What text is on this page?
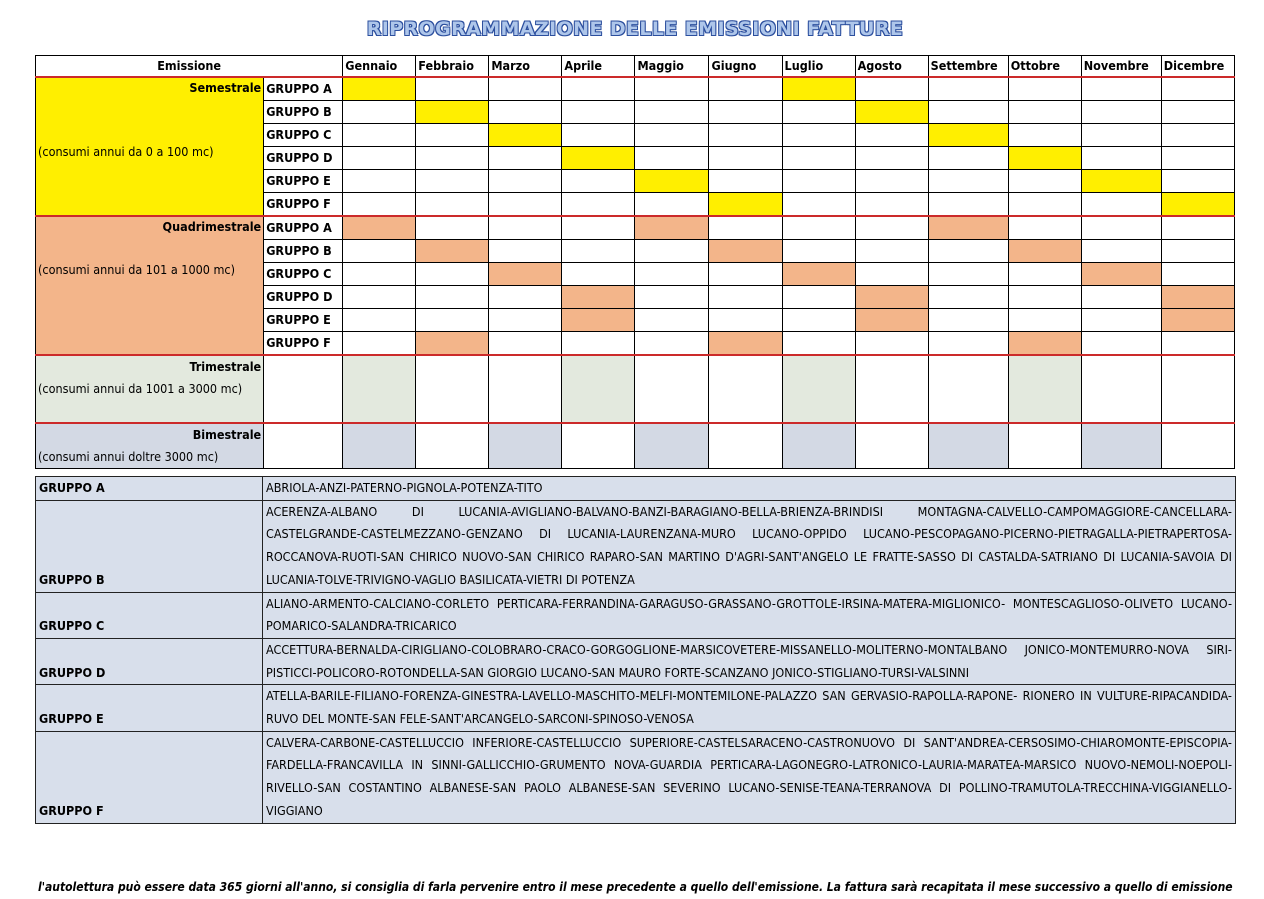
RIPROGRAMMAZIONE DELLE EMISSIONI FATTURE
Emissione		Gennaio	Febbraio	Marzo	Aprile	Maggio	Giugno	Luglio	Agosto	Settembre	Ottobre	Novembre	Dicembre

Semestrale
(consumi annui da 0 a 100 mc)	GRUPPO A												
	GRUPPO B												
	GRUPPO C												
	GRUPPO D												
	GRUPPO E												
	GRUPPO F												

Quadrimestrale
(consumi annui da 101 a 1000 mc)	GRUPPO A												
	GRUPPO B												
	GRUPPO C												
	GRUPPO D												
	GRUPPO E												
	GRUPPO F												

Trimestrale
(consumi annui da 1001 a 3000 mc)													

Bimestrale
(consumi annui doltre 3000 mc)													

GRUPPO A	ABRIOLA-ANZI-PATERNO-PIGNOLA-POTENZA-TITO
GRUPPO B	ACERENZA-ALBANO DI LUCANIA-AVIGLIANO-BALVANO-BANZI-BARAGIANO-BELLA-BRIENZA-BRINDISI MONTAGNA-CALVELLO-CAMPOMAGGIORE-CANCELLARA-CASTELGRANDE-CASTELMEZZANO-GENZANO DI LUCANIA-LAURENZANA-MURO LUCANO-OPPIDO LUCANO-PESCOPAGANO-PICERNO-PIETRAGALLA-PIETRAPERTOSA-ROCCANOVA-RUOTI-SAN CHIRICO NUOVO-SAN CHIRICO RAPARO-SAN MARTINO D'AGRI-SANT'ANGELO LE FRATTE-SASSO DI CASTALDA-SATRIANO DI LUCANIA-SAVOIA DI LUCANIA-TOLVE-TRIVIGNO-VAGLIO BASILICATA-VIETRI DI POTENZA
GRUPPO C	ALIANO-ARMENTO-CALCIANO-CORLETO PERTICARA-FERRANDINA-GARAGUSO-GRASSANO-GROTTOLE-IRSINA-MATERA-MIGLIONICO- MONTESCAGLIOSO-OLIVETO LUCANO-POMARICO-SALANDRA-TRICARICO
GRUPPO D	ACCETTURA-BERNALDA-CIRIGLIANO-COLOBRARO-CRACO-GORGOGLIONE-MARSICOVETERE-MISSANELLO-MOLITERNO-MONTALBANO JONICO-MONTEMURRO-NOVA SIRI-PISTICCI-POLICORO-ROTONDELLA-SAN GIORGIO LUCANO-SAN MAURO FORTE-SCANZANO JONICO-STIGLIANO-TURSI-VALSINNI
GRUPPO E	ATELLA-BARILE-FILIANO-FORENZA-GINESTRA-LAVELLO-MASCHITO-MELFI-MONTEMILONE-PALAZZO SAN GERVASIO-RAPOLLA-RAPONE- RIONERO IN VULTURE-RIPACANDIDA-RUVO DEL MONTE-SAN FELE-SANT'ARCANGELO-SARCONI-SPINOSO-VENOSA
GRUPPO F	CALVERA-CARBONE-CASTELLUCCIO INFERIORE-CASTELLUCCIO SUPERIORE-CASTELSARACENO-CASTRONUOVO DI SANT'ANDREA-CERSOSIMO-CHIAROMONTE-EPISCOPIA-FARDELLA-FRANCAVILLA IN SINNI-GALLICCHIO-GRUMENTO NOVA-GUARDIA PERTICARA-LAGONEGRO-LATRONICO-LAURIA-MARATEA-MARSICO NUOVO-NEMOLI-NOEPOLI-RIVELLO-SAN COSTANTINO ALBANESE-SAN PAOLO ALBANESE-SAN SEVERINO LUCANO-SENISE-TEANA-TERRANOVA DI POLLINO-TRAMUTOLA-TRECCHINA-VIGGIANELLO-VIGGIANO
l'autolettura può essere data 365 giorni all'anno, si consiglia di farla pervenire entro il mese precedente a quello dell'emissione. La fattura sarà recapitata il mese successivo a quello di emissione
